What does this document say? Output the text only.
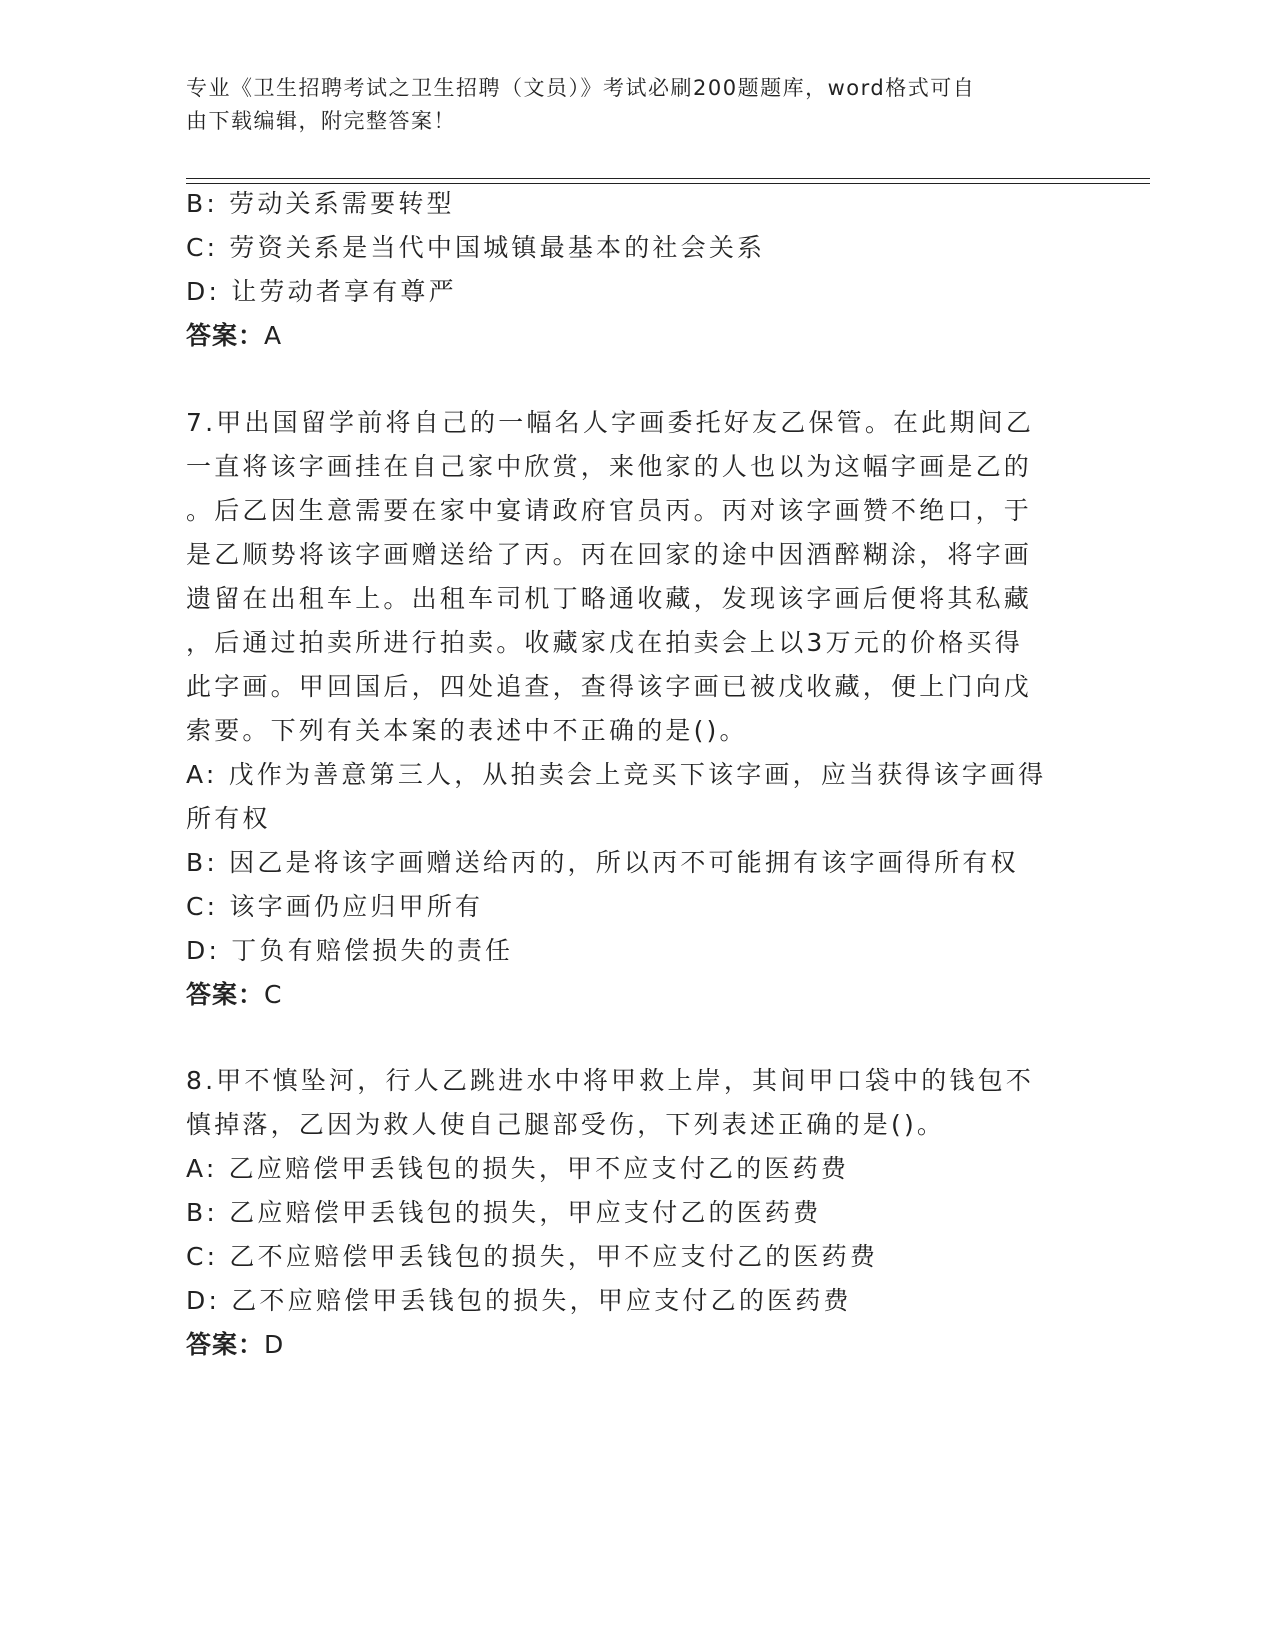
专业《卫生招聘考试之卫生招聘（文员）》考试必刷200题题库，word格式可自
由下载编辑，附完整答案！
B: 劳动关系需要转型
C: 劳资关系是当代中国城镇最基本的社会关系
D: 让劳动者享有尊严
答案：A
7.甲出国留学前将自己的一幅名人字画委托好友乙保管。在此期间乙
一直将该字画挂在自己家中欣赏，来他家的人也以为这幅字画是乙的
。后乙因生意需要在家中宴请政府官员丙。丙对该字画赞不绝口，于
是乙顺势将该字画赠送给了丙。丙在回家的途中因酒醉糊涂，将字画
遗留在出租车上。出租车司机丁略通收藏，发现该字画后便将其私藏
，后通过拍卖所进行拍卖。收藏家戊在拍卖会上以3万元的价格买得
此字画。甲回国后，四处追查，查得该字画已被戊收藏，便上门向戊
索要。下列有关本案的表述中不正确的是()。
A: 戊作为善意第三人，从拍卖会上竞买下该字画，应当获得该字画得
所有权
B: 因乙是将该字画赠送给丙的，所以丙不可能拥有该字画得所有权
C: 该字画仍应归甲所有
D: 丁负有赔偿损失的责任
答案：C
8.甲不慎坠河，行人乙跳进水中将甲救上岸，其间甲口袋中的钱包不
慎掉落，乙因为救人使自己腿部受伤，下列表述正确的是()。
A: 乙应赔偿甲丢钱包的损失，甲不应支付乙的医药费
B: 乙应赔偿甲丢钱包的损失，甲应支付乙的医药费
C: 乙不应赔偿甲丢钱包的损失，甲不应支付乙的医药费
D: 乙不应赔偿甲丢钱包的损失，甲应支付乙的医药费
答案：D
